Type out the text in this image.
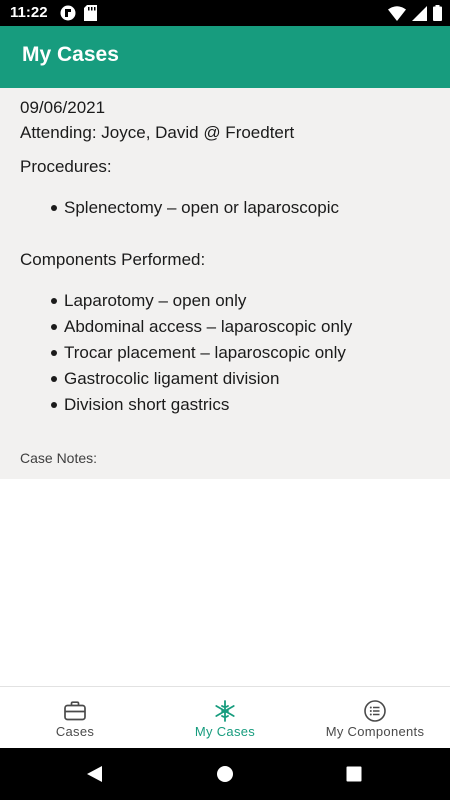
11:22
My Cases
09/06/2021
Attending: Joyce, David @ Froedtert
Procedures:
Splenectomy – open or laparoscopic
Components Performed:
Laparotomy – open only
Abdominal access – laparoscopic only
Trocar placement – laparoscopic only
Gastrocolic ligament division
Division short gastrics
Case Notes:
Cases	My Cases	My Components
